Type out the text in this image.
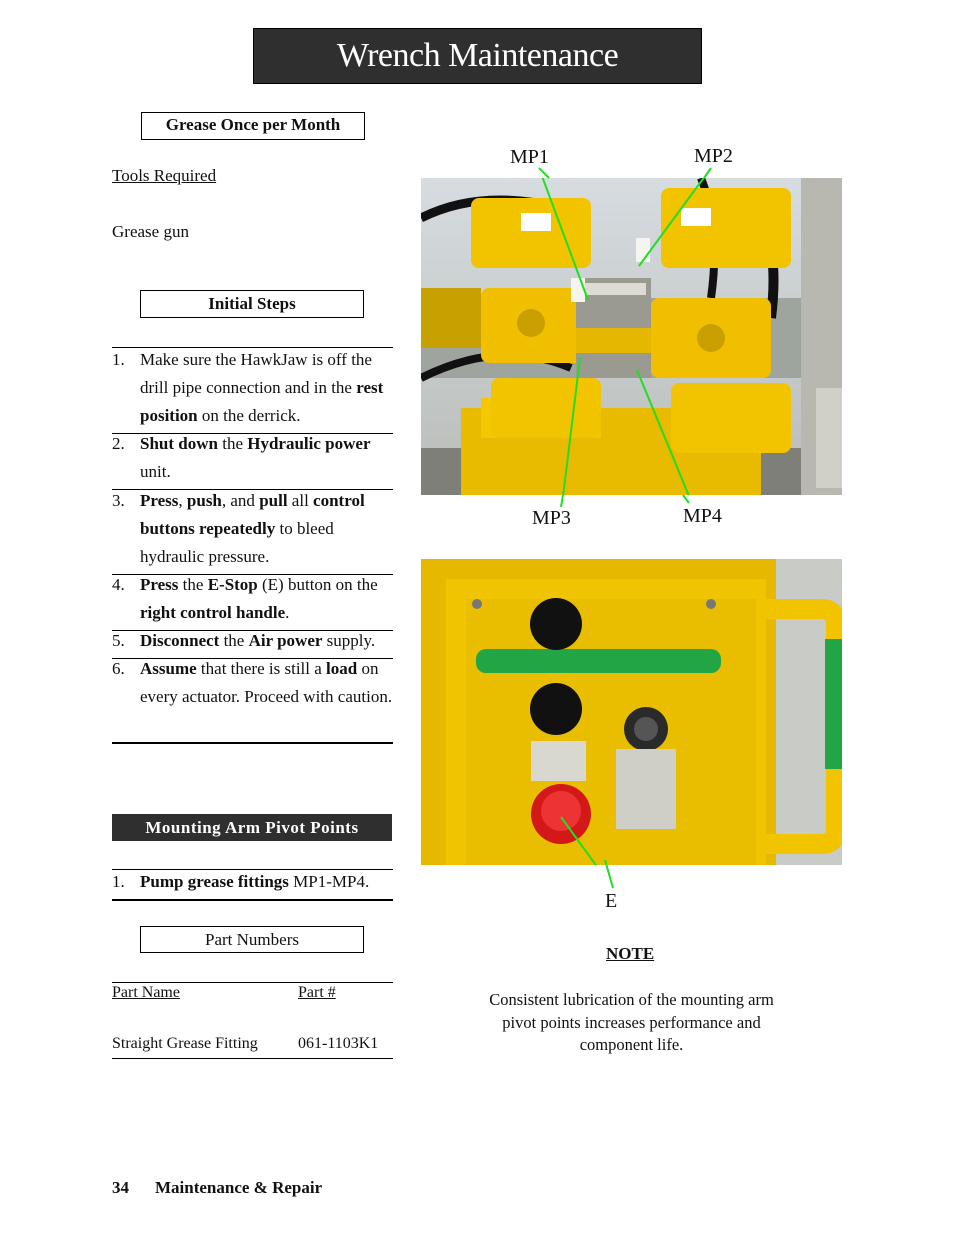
Wrench Maintenance
Grease Once per Month
Tools Required
Grease gun
Initial Steps
1. Make sure the HawkJaw is off the drill pipe connection and in the rest position on the derrick.
2. Shut down the Hydraulic power unit.
3. Press, push, and pull all control buttons repeatedly to bleed hydraulic pressure.
4. Press the E-Stop (E) button on the right control handle.
5. Disconnect the Air power supply.
6. Assume that there is still a load on every actuator. Proceed with caution.
Mounting Arm Pivot Points
1. Pump grease fittings MP1-MP4.
Part Numbers
Part Name	Part #
Straight Grease Fitting	061-1103K1
MP1	MP2
MP3	MP4
E
NOTE
Consistent lubrication of the mounting arm pivot points increases performance and component life.
34 Maintenance & Repair
